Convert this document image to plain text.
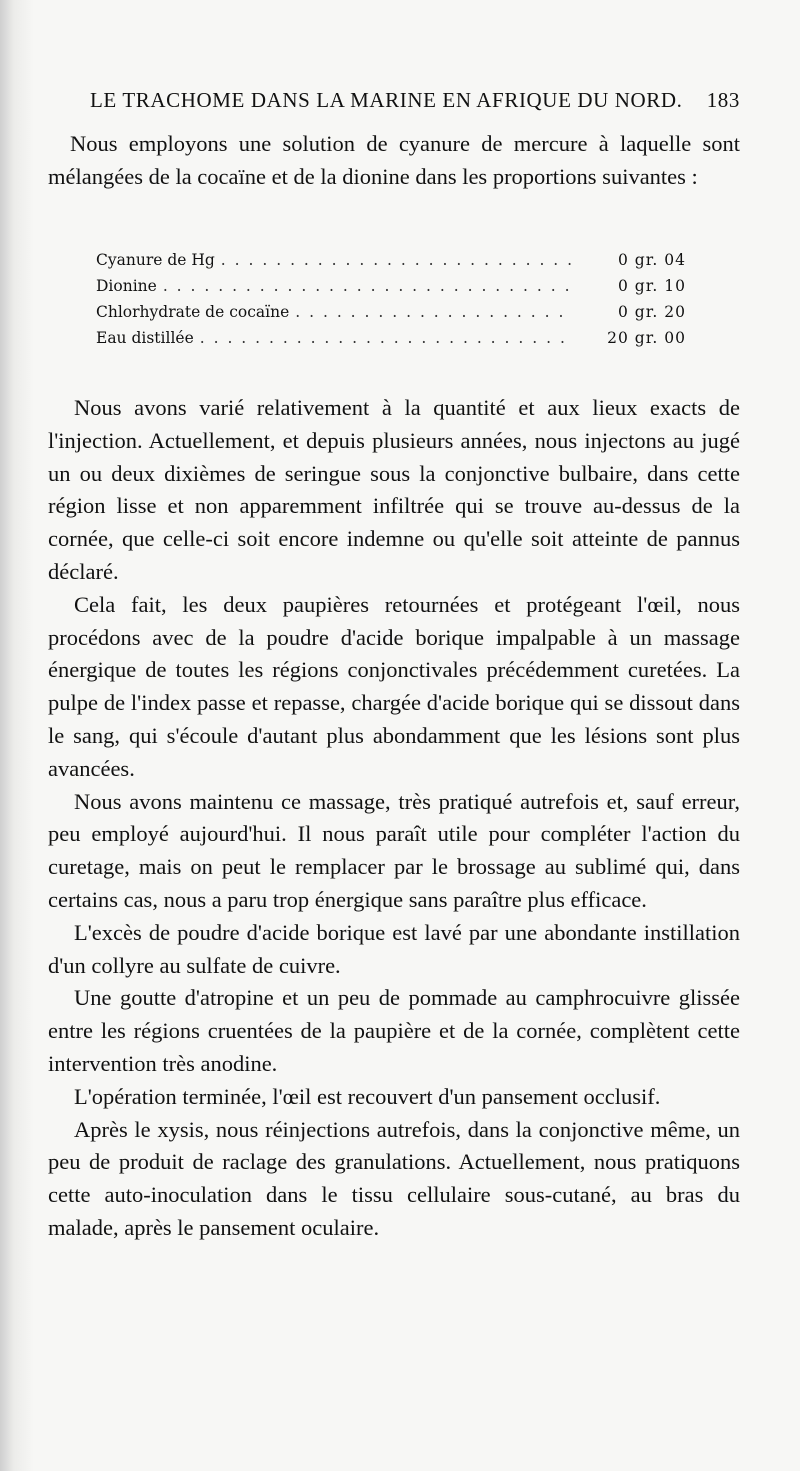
LE TRACHOME DANS LA MARINE EN AFRIQUE DU NORD. 183

Nous employons une solution de cyanure de mercure à laquelle sont mélangées de la cocaïne et de la dionine dans les proportions suivantes :

Cyanure de Hg . . .	0 gr. 04
Dionine . . .	0 gr. 10
Chlorhydrate de cocaïne . . .	0 gr. 20
Eau distillée . . .	20 gr. 00

Nous avons varié relativement à la quantité et aux lieux exacts de l'injection. Actuellement, et depuis plusieurs années, nous injectons au jugé un ou deux dixièmes de seringue sous la conjonctive bulbaire, dans cette région lisse et non apparemment infiltrée qui se trouve au-dessus de la cornée, que celle-ci soit encore indemne ou qu'elle soit atteinte de pannus déclaré.

Cela fait, les deux paupières retournées et protégeant l'œil, nous procédons avec de la poudre d'acide borique impalpable à un massage énergique de toutes les régions conjonctivales précédemment curetées. La pulpe de l'index passe et repasse, chargée d'acide borique qui se dissout dans le sang, qui s'écoule d'autant plus abondamment que les lésions sont plus avancées.

Nous avons maintenu ce massage, très pratiqué autrefois et, sauf erreur, peu employé aujourd'hui. Il nous paraît utile pour compléter l'action du curetage, mais on peut le remplacer par le brossage au sublimé qui, dans certains cas, nous a paru trop énergique sans paraître plus efficace.

L'excès de poudre d'acide borique est lavé par une abondante instillation d'un collyre au sulfate de cuivre.

Une goutte d'atropine et un peu de pommade au camphrocuivre glissée entre les régions cruentées de la paupière et de la cornée, complètent cette intervention très anodine.

L'opération terminée, l'œil est recouvert d'un pansement occlusif.

Après le xysis, nous réinjections autrefois, dans la conjonctive même, un peu de produit de raclage des granulations. Actuellement, nous pratiquons cette auto-inoculation dans le tissu cellulaire sous-cutané, au bras du malade, après le pansement oculaire.
